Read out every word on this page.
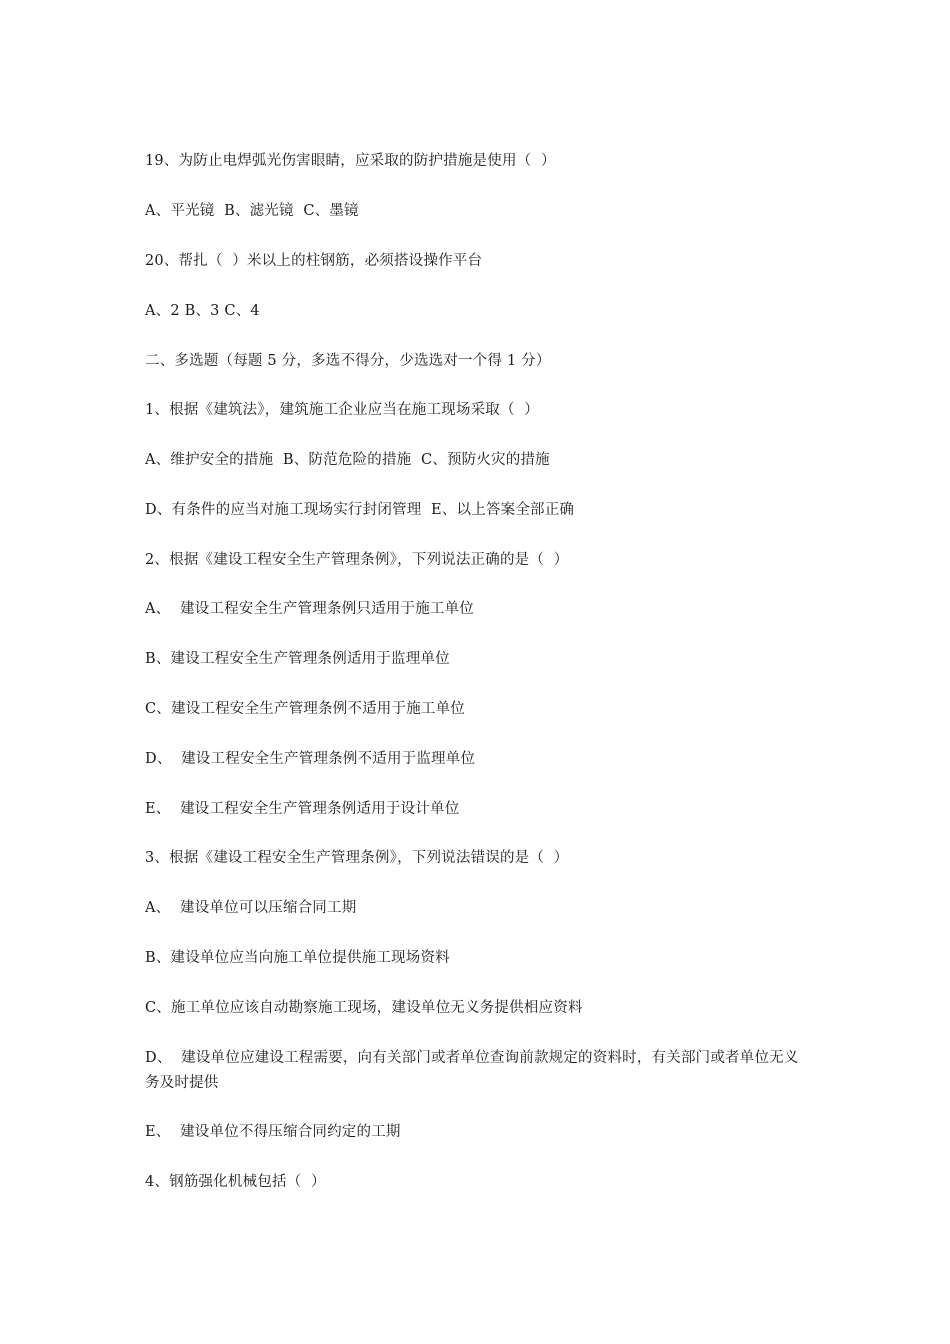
19、为防止电焊弧光伤害眼睛，应采取的防护措施是使用（  ）
A、平光镜  B、滤光镜  C、墨镜
20、帮扎（  ）米以上的柱钢筋，必须搭设操作平台
A、2 B、3 C、4
二、多选题（每题 5 分，多选不得分，少选选对一个得 1 分）
1、根据《建筑法》，建筑施工企业应当在施工现场采取（  ）
A、维护安全的措施  B、防范危险的措施  C、预防火灾的措施
D、有条件的应当对施工现场实行封闭管理  E、以上答案全部正确
2、根据《建设工程安全生产管理条例》，下列说法正确的是（  ）
A、  建设工程安全生产管理条例只适用于施工单位
B、建设工程安全生产管理条例适用于监理单位
C、建设工程安全生产管理条例不适用于施工单位
D、  建设工程安全生产管理条例不适用于监理单位
E、  建设工程安全生产管理条例适用于设计单位
3、根据《建设工程安全生产管理条例》，下列说法错误的是（  ）
A、  建设单位可以压缩合同工期
B、建设单位应当向施工单位提供施工现场资料
C、施工单位应该自动勘察施工现场，建设单位无义务提供相应资料
D、  建设单位应建设工程需要，向有关部门或者单位查询前款规定的资料时，有关部门或者单位无义务及时提供
E、  建设单位不得压缩合同约定的工期
4、钢筋强化机械包括（  ）
